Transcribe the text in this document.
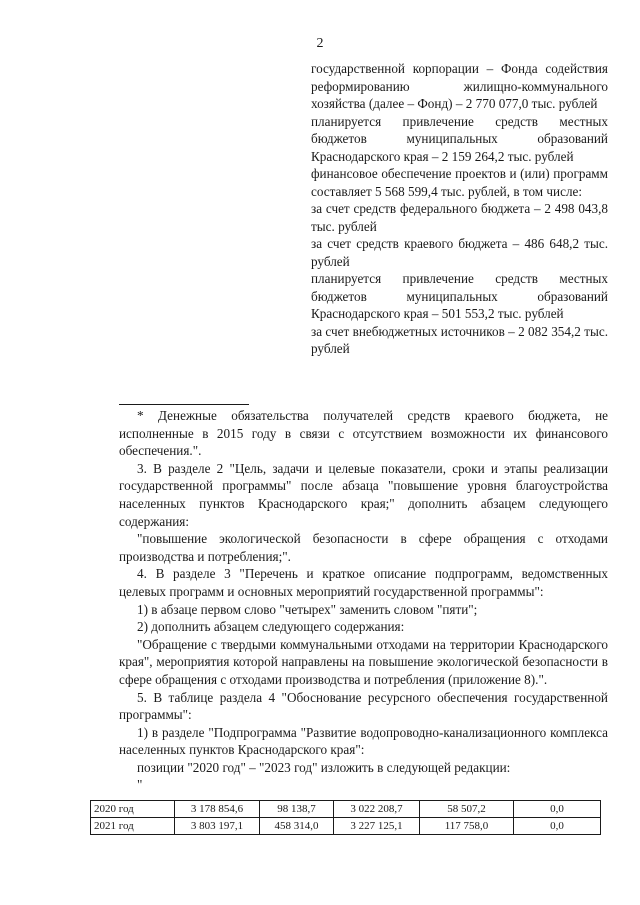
2

государственной корпорации – Фонда содействия реформированию жилищно-коммунального хозяйства (далее – Фонд) – 2 770 077,0 тыс. рублей

планируется привлечение средств местных бюджетов муниципальных образований Краснодарского края – 2 159 264,2 тыс. рублей

финансовое обеспечение проектов и (или) программ составляет 5 568 599,4 тыс. рублей, в том числе:

за счет средств федерального бюджета – 2 498 043,8 тыс. рублей

за счет средств краевого бюджета – 486 648,2 тыс. рублей

планируется привлечение средств местных бюджетов муниципальных образований Краснодарского края – 501 553,2 тыс. рублей

за счет внебюджетных источников – 2 082 354,2 тыс. рублей

* Денежные обязательства получателей средств краевого бюджета, не исполненные в 2015 году в связи с отсутствием возможности их финансового обеспечения.".

3. В разделе 2 "Цель, задачи и целевые показатели, сроки и этапы реализации государственной программы" после абзаца "повышение уровня благоустройства населенных пунктов Краснодарского края;" дополнить абзацем следующего содержания:

"повышение экологической безопасности в сфере обращения с отходами производства и потребления;".

4. В разделе 3 "Перечень и краткое описание подпрограмм, ведомственных целевых программ и основных мероприятий государственной программы":

1) в абзаце первом слово "четырех" заменить словом "пяти";

2) дополнить абзацем следующего содержания:

"Обращение с твердыми коммунальными отходами на территории Краснодарского края", мероприятия которой направлены на повышение экологической безопасности в сфере обращения с отходами производства и потребления (приложение 8).".

5. В таблице раздела 4 "Обоснование ресурсного обеспечения государственной программы":

1) в разделе "Подпрограмма "Развитие водопроводно-канализационного комплекса населенных пунктов Краснодарского края":

позиции "2020 год" – "2023 год" изложить в следующей редакции:

"

2020 год	3 178 854,6	98 138,7	3 022 208,7	58 507,2	0,0
2021 год	3 803 197,1	458 314,0	3 227 125,1	117 758,0	0,0
